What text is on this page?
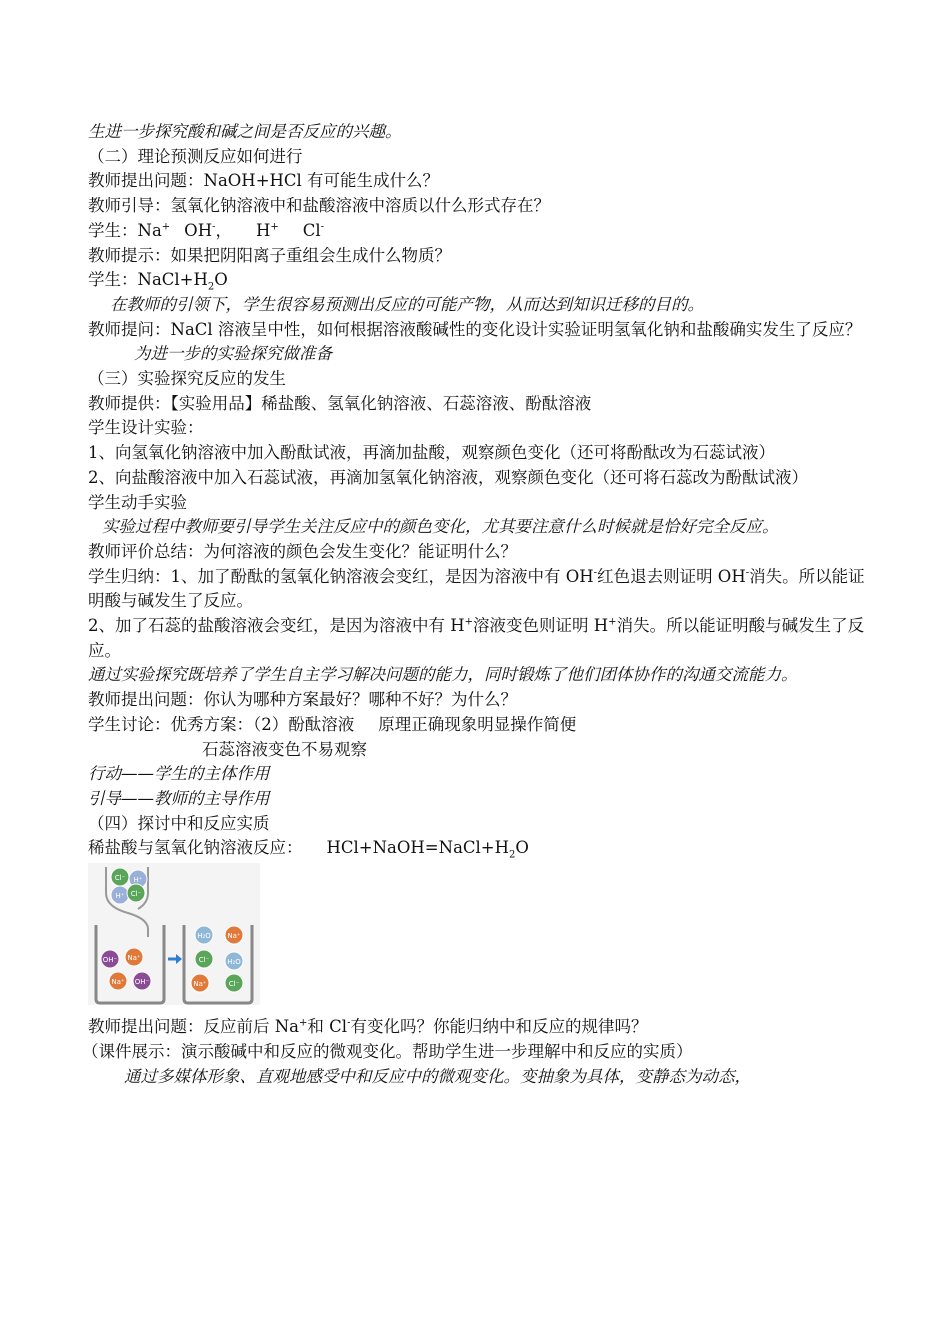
生进一步探究酸和碱之间是否反应的兴趣。
（二）理论预测反应如何进行
教师提出问题：NaOH+HCl 有可能生成什么？
教师引导：氢氧化钠溶液中和盐酸溶液中溶质以什么形式存在？
学生：Na+ OH-， H+ Cl-
教师提示：如果把阴阳离子重组会生成什么物质？
学生：$NaCl+H_2O$
在教师的引领下，学生很容易预测出反应的可能产物，从而达到知识迁移的目的。
教师提问：NaCl 溶液呈中性，如何根据溶液酸碱性的变化设计实验证明氢氧化钠和盐酸确实发生了反应？
为进一步的实验探究做准备
（三）实验探究反应的发生
教师提供：【实验用品】稀盐酸、氢氧化钠溶液、石蕊溶液、酚酞溶液
学生设计实验：
1、向氢氧化钠溶液中加入酚酞试液，再滴加盐酸，观察颜色变化（还可将酚酞改为石蕊试液）
2、向盐酸溶液中加入石蕊试液，再滴加氢氧化钠溶液，观察颜色变化（还可将石蕊改为酚酞试液）
学生动手实验
实验过程中教师要引导学生关注反应中的颜色变化，尤其要注意什么时候就是恰好完全反应。
教师评价总结：为何溶液的颜色会发生变化？能证明什么？
学生归纳：1、加了酚酞的氢氧化钠溶液会变红，是因为溶液中有 OH-红色退去则证明 OH-消失。所以能证明酸与碱发生了反应。
2、加了石蕊的盐酸溶液会变红，是因为溶液中有 H+溶液变色则证明 H+消失。所以能证明酸与碱发生了反应。
通过实验探究既培养了学生自主学习解决问题的能力，同时锻炼了他们团体协作的沟通交流能力。
教师提出问题：你认为哪种方案最好？哪种不好？为什么？
学生讨论：优秀方案：（2）酚酞溶液 原理正确现象明显操作简便
石蕊溶液变色不易观察
行动——学生的主体作用
引导——教师的主导作用
（四）探讨中和反应实质
稀盐酸与氢氧化钠溶液反应： $HCl+NaOH=NaCl+H_2O$
Cl⁻ H⁺
H⁺ Cl⁻
OH⁻ Na⁺
Na⁺ OH⁻
H₂O Na⁺
Cl⁻	H₂O
Na⁺	Cl⁻
教师提出问题：反应前后 Na+和 Cl-有变化吗？你能归纳中和反应的规律吗？
（课件展示：演示酸碱中和反应的微观变化。帮助学生进一步理解中和反应的实质）
通过多媒体形象、直观地感受中和反应中的微观变化。变抽象为具体，变静态为动态，
